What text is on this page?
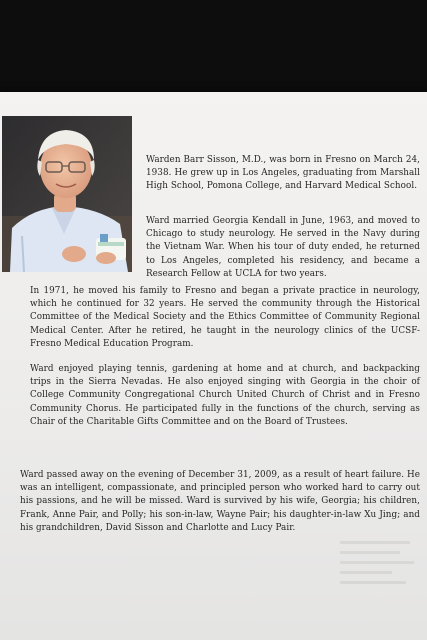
Warden Barr Sisson, M.D., was born in Fresno on March 24, 1938. He grew up in Los Angeles, graduating from Marshall High School, Pomona College, and Harvard Medical School.

Ward married Georgia Kendall in June, 1963, and moved to Chicago to study neurology. He served in the Navy during the Vietnam War. When his tour of duty ended, he returned to Los Angeles, completed his residency, and became a Research Fellow at UCLA for two years.

In 1971, he moved his family to Fresno and began a private practice in neurology, which he continued for 32 years. He served the community through the Historical Committee of the Medical Society and the Ethics Committee of Community Regional Medical Center. After he retired, he taught in the neurology clinics of the UCSF-Fresno Medical Education Program.

Ward enjoyed playing tennis, gardening at home and at church, and backpacking trips in the Sierra Nevadas. He also enjoyed singing with Georgia in the choir of College Community Congregational Church United Church of Christ and in Fresno Community Chorus. He participated fully in the functions of the church, serving as Chair of the Charitable Gifts Committee and on the Board of Trustees.

Ward passed away on the evening of December 31, 2009, as a result of heart failure. He was an intelligent, compassionate, and principled person who worked hard to carry out his passions, and he will be missed. Ward is survived by his wife, Georgia; his children, Frank, Anne Pair, and Polly; his son-in-law, Wayne Pair; his daughter-in-law Xu Jing; and his grandchildren, David Sisson and Charlotte and Lucy Pair.
